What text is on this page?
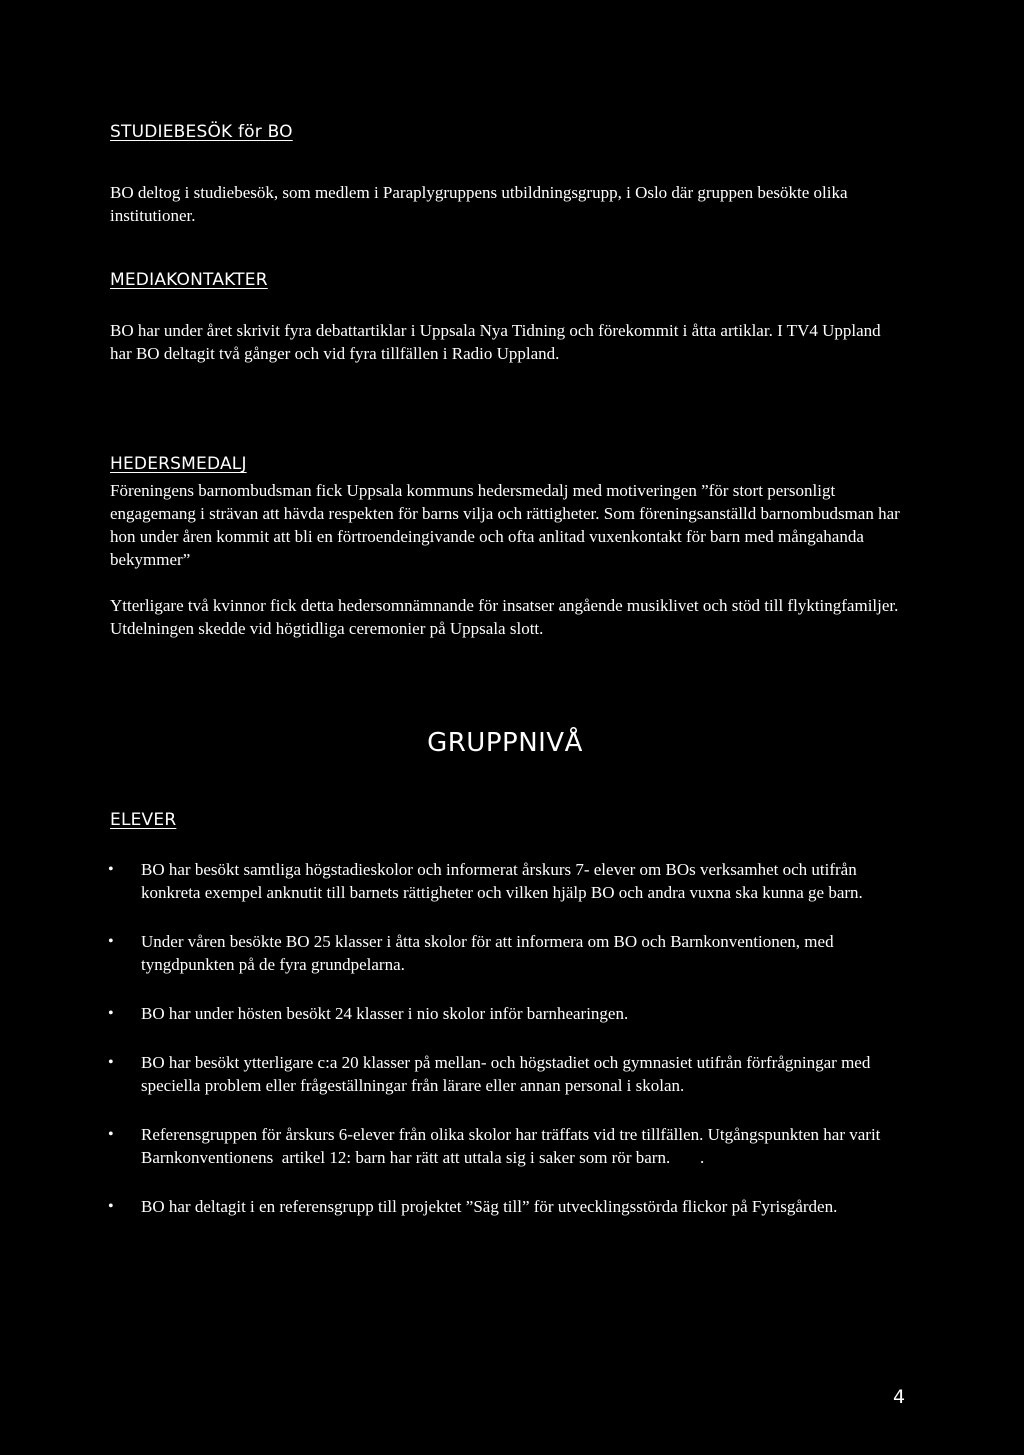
STUDIEBESÖK för BO

BO deltog i studiebesök, som medlem i Paraplygruppens utbildningsgrupp, i Oslo där gruppen besökte olika institutioner.

MEDIAKONTAKTER

BO har under året skrivit fyra debattartiklar i Uppsala Nya Tidning och förekommit i åtta artiklar. I TV4 Uppland har BO deltagit två gånger och vid fyra tillfällen i Radio Uppland.

HEDERSMEDALJ

Föreningens barnombudsman fick Uppsala kommuns hedersmedalj med motiveringen ”för stort personligt engagemang i strävan att hävda respekten för barns vilja och rättigheter. Som föreningsanställd barnombudsman har hon under åren kommit att bli en förtroendeingivande och ofta anlitad vuxenkontakt för barn med mångahanda bekymmer”

Ytterligare två kvinnor fick detta hedersomnämnande för insatser angående musiklivet och stöd till flyktingfamiljer. Utdelningen skedde vid högtidliga ceremonier på Uppsala slott.

GRUPPNIVÅ
ELEVER
• BO har besökt samtliga högstadieskolor och informerat årskurs 7- elever om BOs verksamhet och utifrån konkreta exempel anknutit till barnets rättigheter och vilken hjälp BO och andra vuxna ska kunna ge barn.
• Under våren besökte BO 25 klasser i åtta skolor för att informera om BO och Barnkonventionen, med tyngdpunkten på de fyra grundpelarna.
• BO har under hösten besökt 24 klasser i nio skolor inför barnhearingen.
• BO har besökt ytterligare c:a 20 klasser på mellan- och högstadiet och gymnasiet utifrån förfrågningar med speciella problem eller frågeställningar från lärare eller annan personal i skolan.
• Referensgruppen för årskurs 6-elever från olika skolor har träffats vid tre tillfällen. Utgångspunkten har varit Barnkonventionens  artikel 12: barn har rätt att uttala sig i saker som rör barn.       .
• BO har deltagit i en referensgrupp till projektet ”Säg till” för utvecklingsstörda flickor på Fyrisgården.

4
